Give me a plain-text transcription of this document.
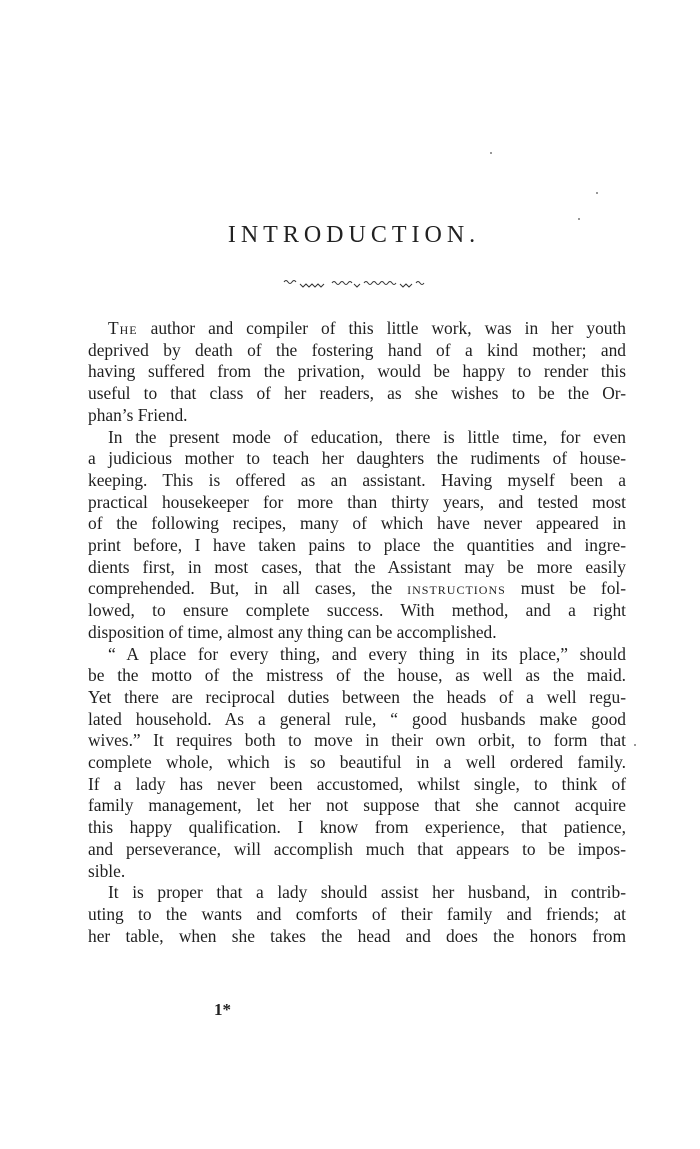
INTRODUCTION.
The author and compiler of this little work, was in her youth
deprived by death of the fostering hand of a kind mother; and
having suffered from the privation, would be happy to render this
useful to that class of her readers, as she wishes to be the Or-
phan’s Friend.
In the present mode of education, there is little time, for even
a judicious mother to teach her daughters the rudiments of house-
keeping. This is offered as an assistant. Having myself been a
practical housekeeper for more than thirty years, and tested most
of the following recipes, many of which have never appeared in
print before, I have taken pains to place the quantities and ingre-
dients first, in most cases, that the Assistant may be more easily
comprehended. But, in all cases, the instructions must be fol-
lowed, to ensure complete success. With method, and a right
disposition of time, almost any thing can be accomplished.
“ A place for every thing, and every thing in its place,” should
be the motto of the mistress of the house, as well as the maid.
Yet there are reciprocal duties between the heads of a well regu-
lated household. As a general rule, “ good husbands make good
wives.” It requires both to move in their own orbit, to form that
complete whole, which is so beautiful in a well ordered family.
If a lady has never been accustomed, whilst single, to think of
family management, let her not suppose that she cannot acquire
this happy qualification. I know from experience, that patience,
and perseverance, will accomplish much that appears to be impos-
sible.
It is proper that a lady should assist her husband, in contrib-
uting to the wants and comforts of their family and friends; at
her table, when she takes the head and does the honors from
1*
